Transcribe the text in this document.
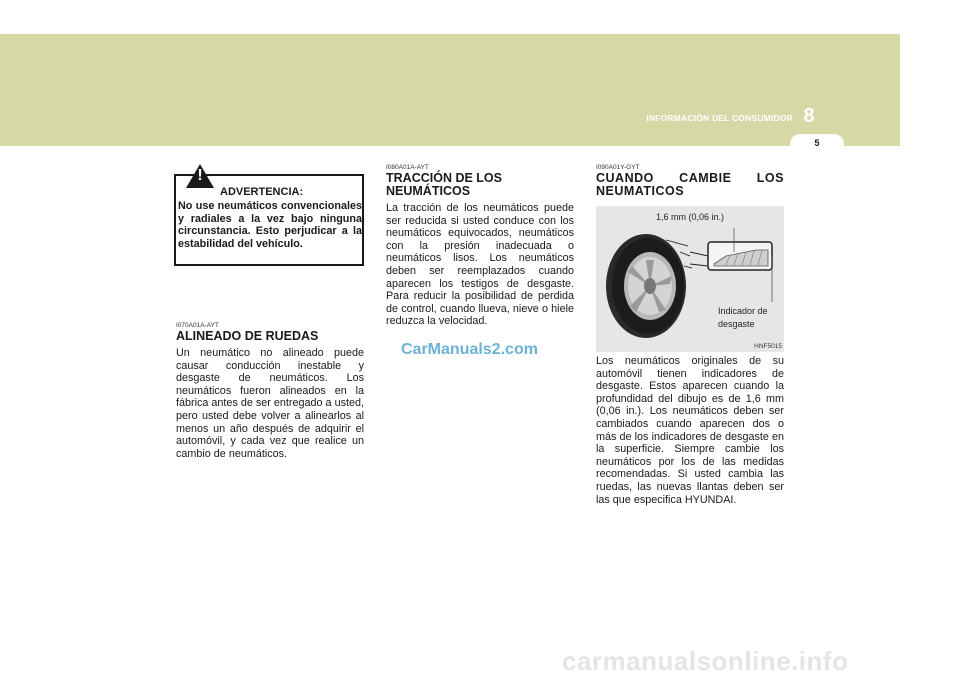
INFORMACIÓN DEL CONSUMIDOR 8
5
!
ADVERTENCIA:
No use neumáticos convencionales y radiales a la vez bajo ninguna circunstancia. Esto perjudicar a la estabilidad del vehículo.
I070A01A-AYT
ALINEADO DE RUEDAS
Un neumático no alineado puede causar conducción inestable y desgaste de neumáticos. Los neumáticos fueron alineados en la fábrica antes de ser entregado a usted, pero usted debe volver a alinearlos al menos un año después de adquirir el automóvil, y cada vez que realice un cambio de neumáticos.
I080A01A-AYT
TRACCIÓN DE LOS NEUMÁTICOS
La tracción de los neumáticos puede ser reducida si usted conduce con los neumáticos equivocados, neumáticos con la presión inadecuada o neumáticos lisos. Los neumáticos deben ser reemplazados cuando aparecen los testigos de desgaste. Para reducir la posibilidad de perdida de control, cuando llueva, nieve o hiele reduzca la velocidad.
CarManuals2.com
I090A01Y-GYT
CUANDO CAMBIE LOS NEUMATICOS
1,6 mm (0,06 in.)
Indicador de
desgaste
HNF5015
Los neumáticos originales de su automóvil tienen indicadores de desgaste. Estos aparecen cuando la profundidad del dibujo es de 1,6 mm (0,06 in.). Los neumáticos deben ser cambiados cuando aparecen dos o más de los indicadores de desgaste en la superficie. Siempre cambie los neumáticos por los de las medidas recomendadas. Si usted cambia las ruedas, las nuevas llantas deben ser las que especifica HYUNDAI.
carmanualsonline.info
